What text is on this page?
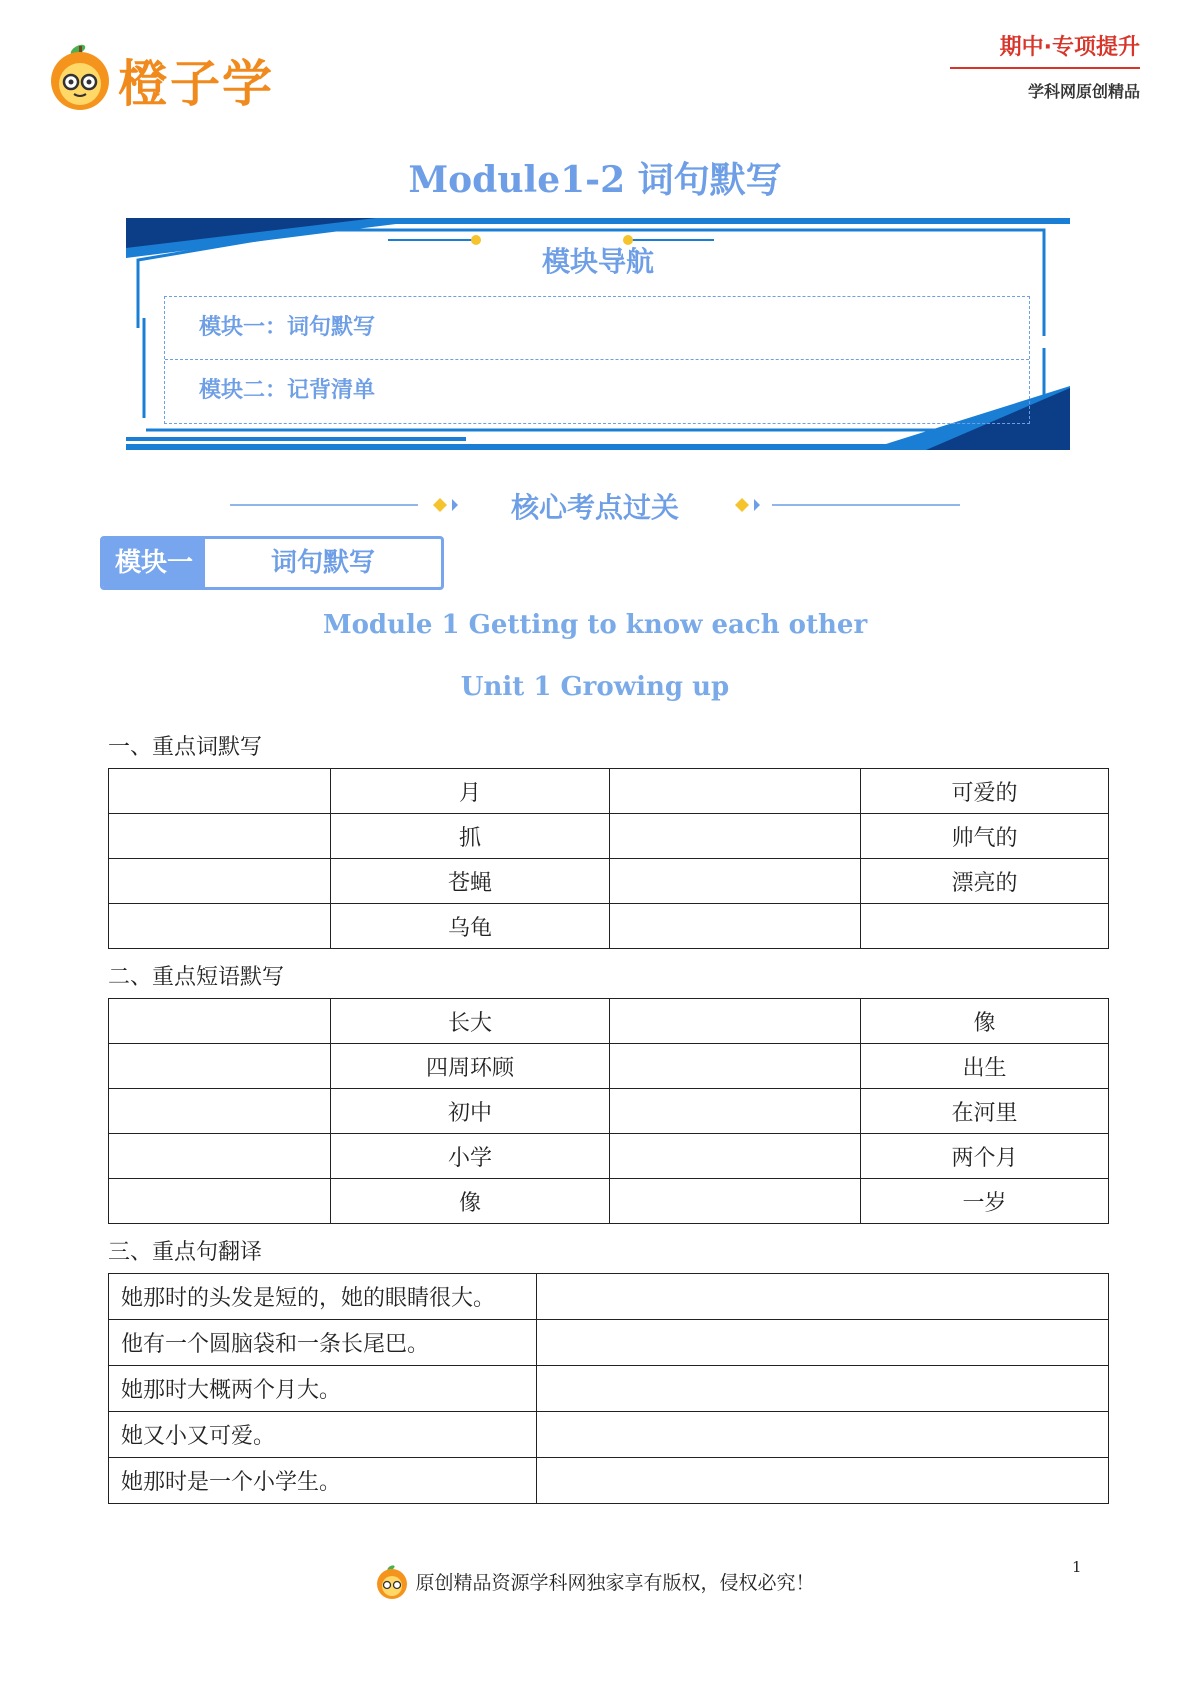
橙子学
期中·专项提升
学科网原创精品
Module1-2 词句默写
模块导航
模块一：词句默写
模块二：记背清单
核心考点过关
模块一	词句默写
Module 1 Getting to know each other
Unit 1 Growing up
一、重点词默写
	月		可爱的
	抓		帅气的
	苍蝇		漂亮的
	乌龟		
二、重点短语默写
	长大		像
	四周环顾		出生
	初中		在河里
	小学		两个月
	像		一岁
三、重点句翻译
她那时的头发是短的，她的眼睛很大。	
他有一个圆脑袋和一条长尾巴。	
她那时大概两个月大。	
她又小又可爱。	
她那时是一个小学生。	
原创精品资源学科网独家享有版权，侵权必究！
1
